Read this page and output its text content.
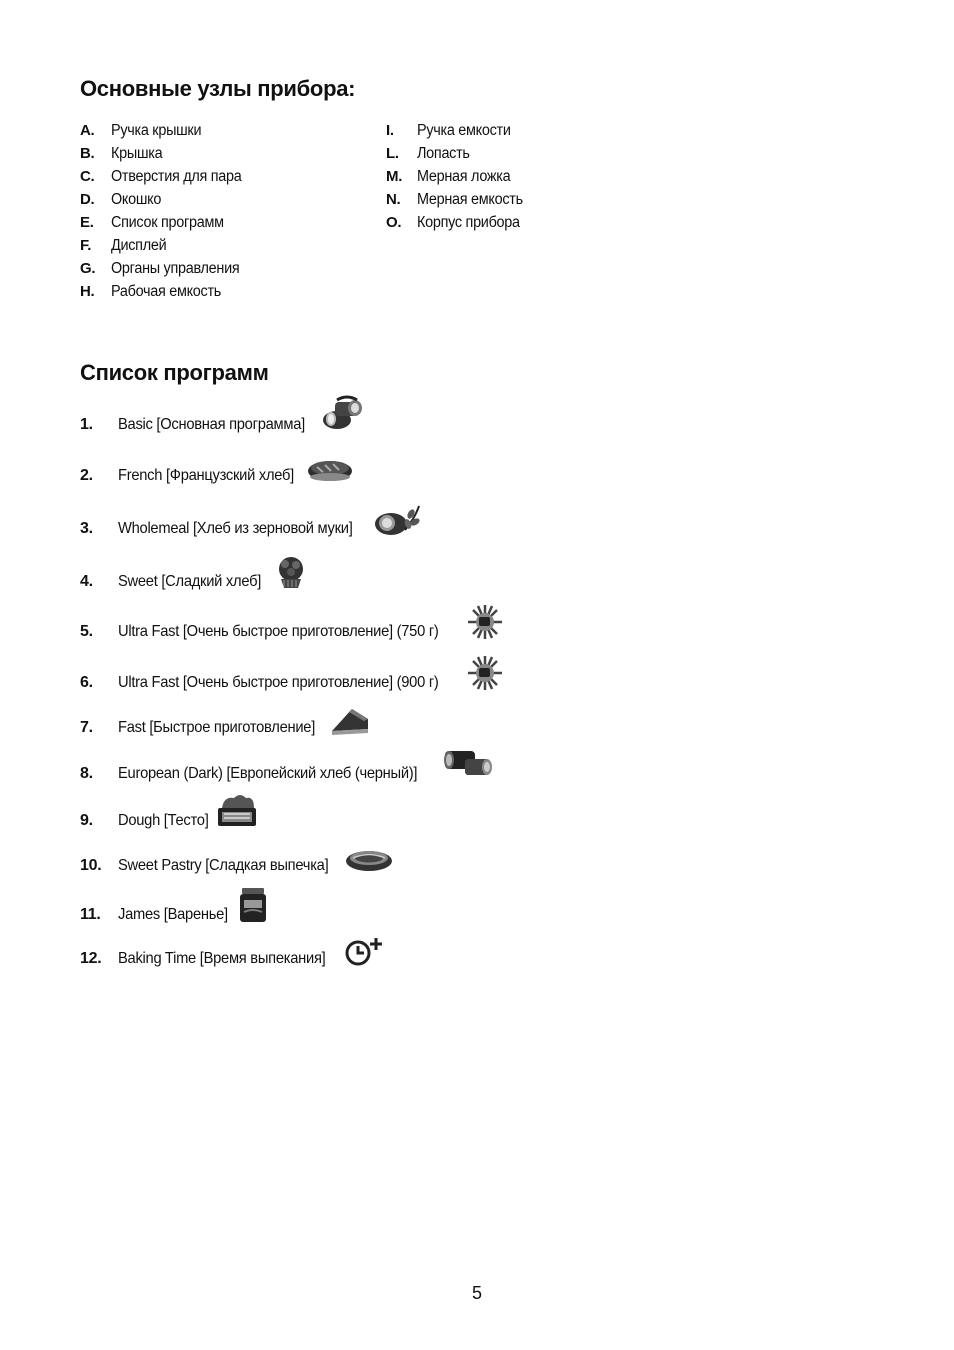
Основные узлы прибора:
A.	Ручка крышки
B.	Крышка
C.	Отверстия для пара
D.	Окошко
E.	Список программ
F.	Дисплей
G.	Органы управления
H.	Рабочая емкость
I.	Ручка емкости
L.	Лопасть
M. Мерная ложка
N.	Мерная емкость
O.	Корпус прибора
Список программ
1.	Basic [Основная программа]
2.	French [Французский хлеб]
3.	Wholemeal [Хлеб из зерновой муки]
4.	Sweet [Сладкий хлеб]
5.	Ultra Fast [Очень быстрое приготовление] (750 г)
6.	Ultra Fast [Очень быстрое приготовление] (900 г)
7.	Fast [Быстрое приготовление]
8.	European (Dark) [Европейский хлеб (черный)]
9.	Dough [Тесто]
10.	Sweet Pastry [Сладкая выпечка]
11.	James [Варенье]
12.	Baking Time [Время выпекания]
5
